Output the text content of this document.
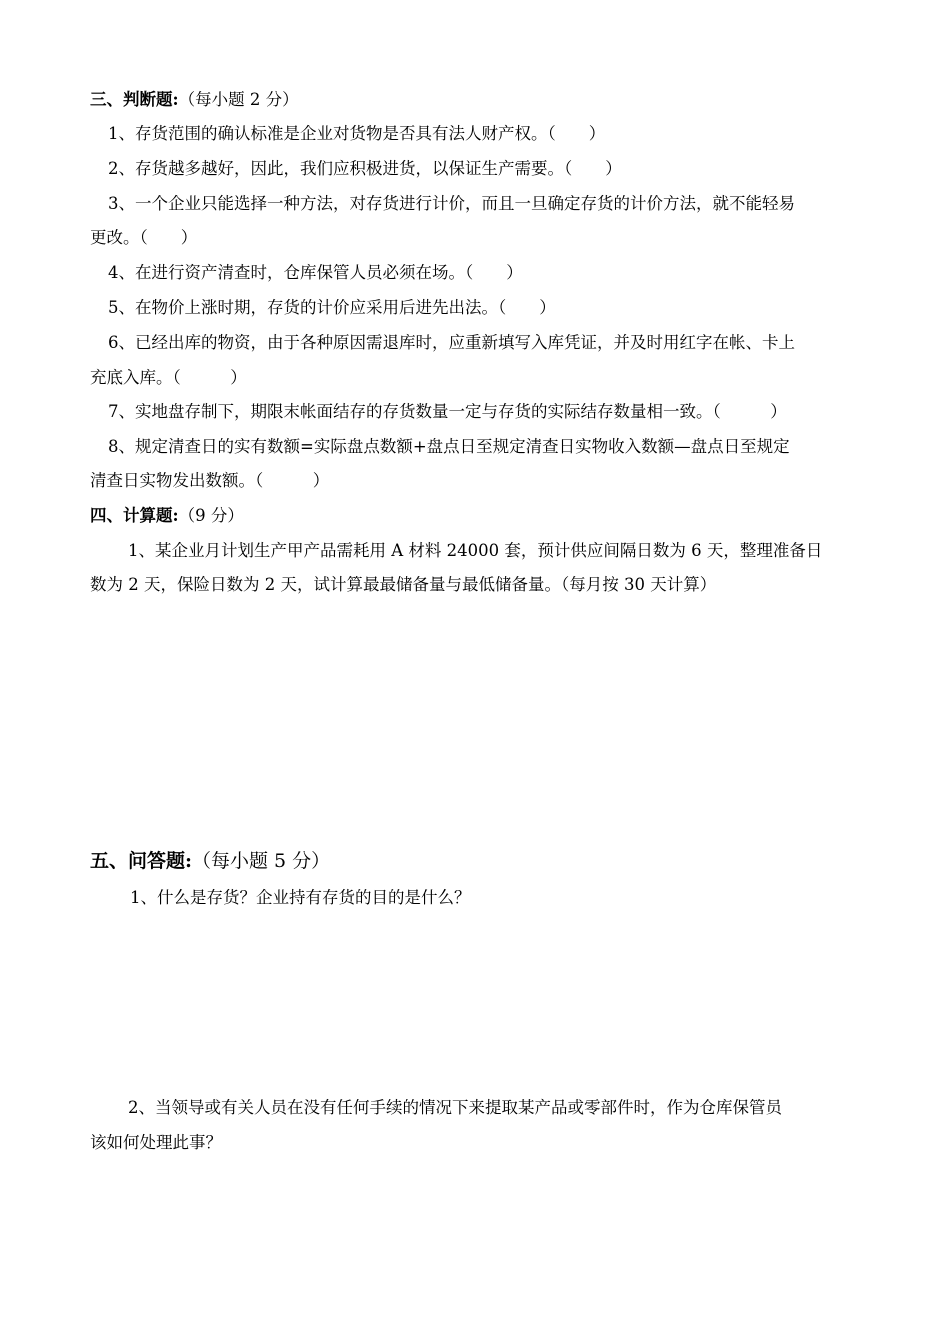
三、判断题:（每小题 2 分）
1、存货范围的确认标准是企业对货物是否具有法人财产权。（　　）
2、存货越多越好，因此，我们应积极进货，以保证生产需要。（　　）
3、一个企业只能选择一种方法，对存货进行计价，而且一旦确定存货的计价方法，就不能轻易
更改。（　　）
4、在进行资产清查时，仓库保管人员必须在场。（　　）
5、在物价上涨时期，存货的计价应采用后进先出法。（　　）
6、已经出库的物资，由于各种原因需退库时，应重新填写入库凭证，并及时用红字在帐、卡上
充底入库。（　　　）
7、实地盘存制下，期限末帐面结存的存货数量一定与存货的实际结存数量相一致。（　　　）
8、规定清查日的实有数额=实际盘点数额+盘点日至规定清查日实物收入数额—盘点日至规定
清查日实物发出数额。（　　　）
四、计算题:（9 分）
1、某企业月计划生产甲产品需耗用 A 材料 24000 套，预计供应间隔日数为 6 天，整理准备日
数为 2 天，保险日数为 2 天，试计算最最储备量与最低储备量。（每月按 30 天计算）
五、问答题:（每小题 5 分）
1、什么是存货？企业持有存货的目的是什么？
2、当领导或有关人员在没有任何手续的情况下来提取某产品或零部件时，作为仓库保管员
该如何处理此事？
